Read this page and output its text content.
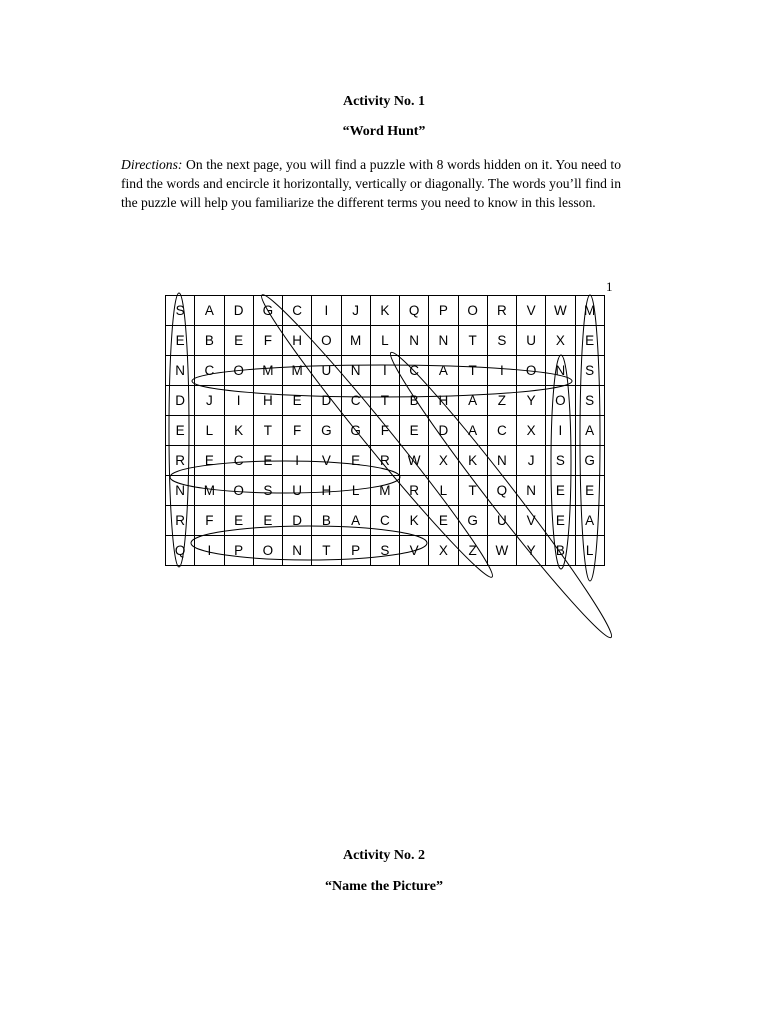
Activity No. 1
“Word Hunt”
Directions: On the next page, you will find a puzzle with 8 words hidden on it. You need to find the words and encircle it horizontally, vertically or diagonally. The words you’ll find in the puzzle will help you familiarize the different terms you need to know in this lesson.
1
S	A	D	G	C	I	J	K	Q	P	O	R	V	W	M
E	B	E	F	H	O	M	L	N	N	T	S	U	X	E
N	C	O	M	M	U	N	I	C	A	T	I	O	N	S
D	J	I	H	E	D	C	T	B	H	A	Z	Y	O	S
E	L	K	T	F	G	G	F	E	D	A	C	X	I	A
R	E	C	E	I	V	E	R	W	X	K	N	J	S	G
N	M	O	S	U	H	L	M	R	L	T	Q	N	E	E
R	F	E	E	D	B	A	C	K	E	G	U	V	E	A
Q	I	P	O	N	T	P	S	V	X	Z	W	Y	B	L
Activity No. 2
“Name the Picture”
